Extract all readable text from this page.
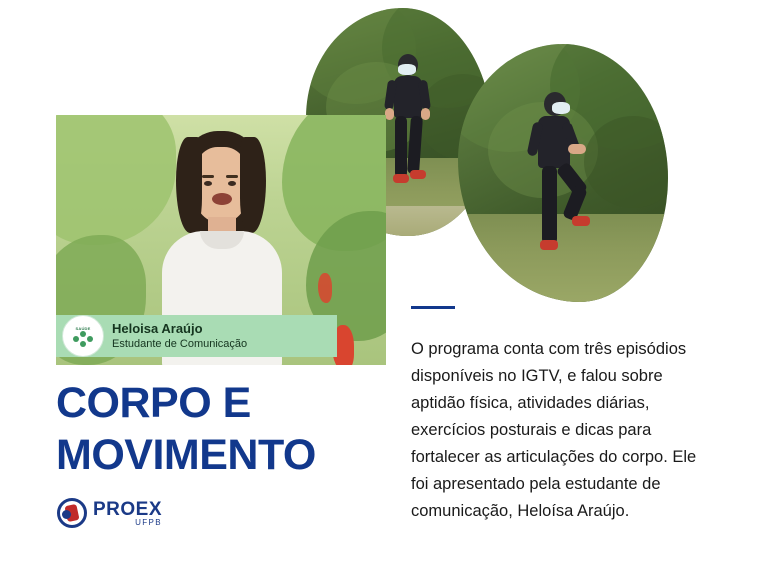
SAÚDE Heloisa Araújo
Estudante de Comunicação
CORPO E
MOVIMENTO
PROEX
UFPB
O programa conta com três episódios disponíveis no IGTV, e falou sobre aptidão física, atividades diárias, exercícios posturais e dicas para fortalecer as articulações do corpo. Ele foi apresentado pela estudante de comunicação, Heloísa Araújo.
